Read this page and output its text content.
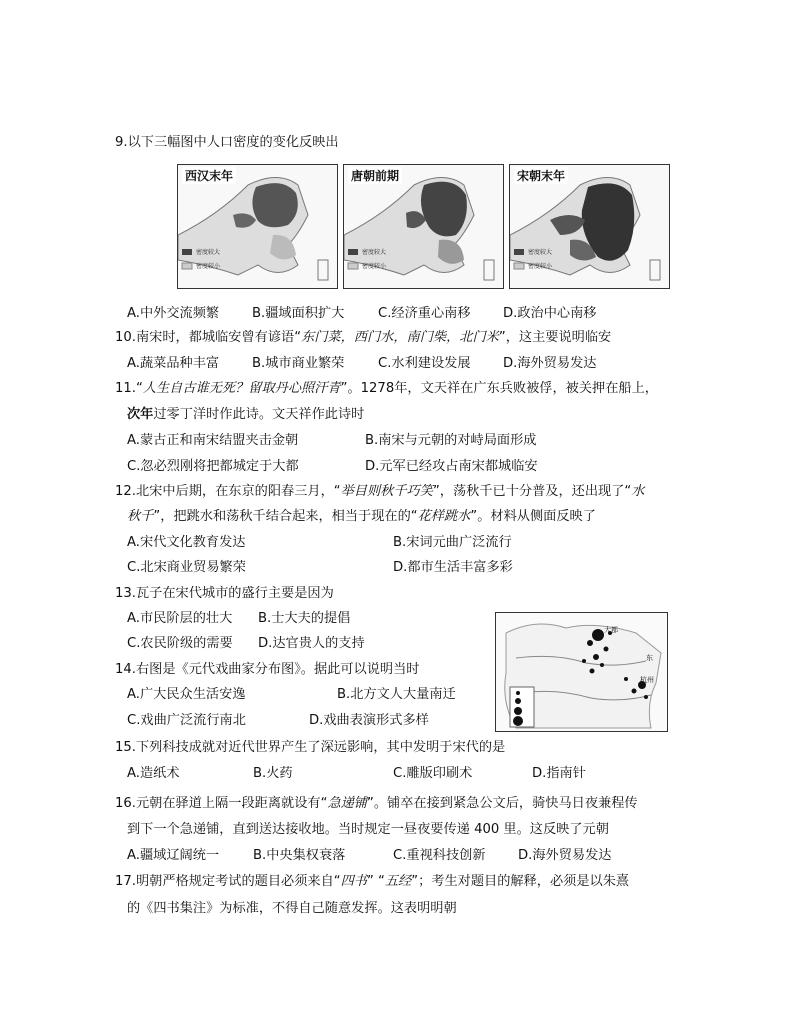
9.以下三幅图中人口密度的变化反映出
西汉末年
密度较大
密度较小
唐朝前期
密度较大
密度较小
宋朝末年
密度较大
密度较小
A.中外交流频繁 B.疆域面积扩大	C.经济重心南移 D.政治中心南移
10.南宋时，都城临安曾有谚语“东门菜，西门水，南门柴，北门米”，这主要说明临安
A.蔬菜品种丰富 B.城市商业繁荣	C.水利建设发展 D.海外贸易发达
11.“人生自古谁无死？留取丹心照汗青”。1278年，文天祥在广东兵败被俘，被关押在船上，
次年过零丁洋时作此诗。文天祥作此诗时
A.蒙古正和南宋结盟夹击金朝	B.南宋与元朝的对峙局面形成
C.忽必烈刚将把都城定于大都	D.元军已经攻占南宋都城临安
12.北宋中后期，在东京的阳春三月，“举目则秋千巧笑”，荡秋千已十分普及，还出现了“水
秋千”，把跳水和荡秋千结合起来，相当于现在的“花样跳水”。材料从侧面反映了
A.宋代文化教育发达	B.宋词元曲广泛流行
C.北宋商业贸易繁荣	D.都市生活丰富多彩
13.瓦子在宋代城市的盛行主要是因为
A.市民阶层的壮大 B.士大夫的提倡
C.农民阶级的需要 D.达官贵人的支持
大都
杭州
东
14.右图是《元代戏曲家分布图》。据此可以说明当时
A.广大民众生活安逸	B.北方文人大量南迁
C.戏曲广泛流行南北	D.戏曲表演形式多样
15.下列科技成就对近代世界产生了深远影响，其中发明于宋代的是
A.造纸术	B.火药	C.雕版印刷术	D.指南针
16.元朝在驿道上隔一段距离就设有“急递铺”。铺卒在接到紧急公文后，骑快马日夜兼程传
到下一个急递铺，直到送达接收地。当时规定一昼夜要传递 400 里。这反映了元朝
A.疆域辽阔统一	B.中央集权衰落	C.重视科技创新 D.海外贸易发达
17.明朝严格规定考试的题目必须来自“四书” “五经”；考生对题目的解释，必须是以朱熹
的《四书集注》为标准，不得自己随意发挥。这表明明朝
